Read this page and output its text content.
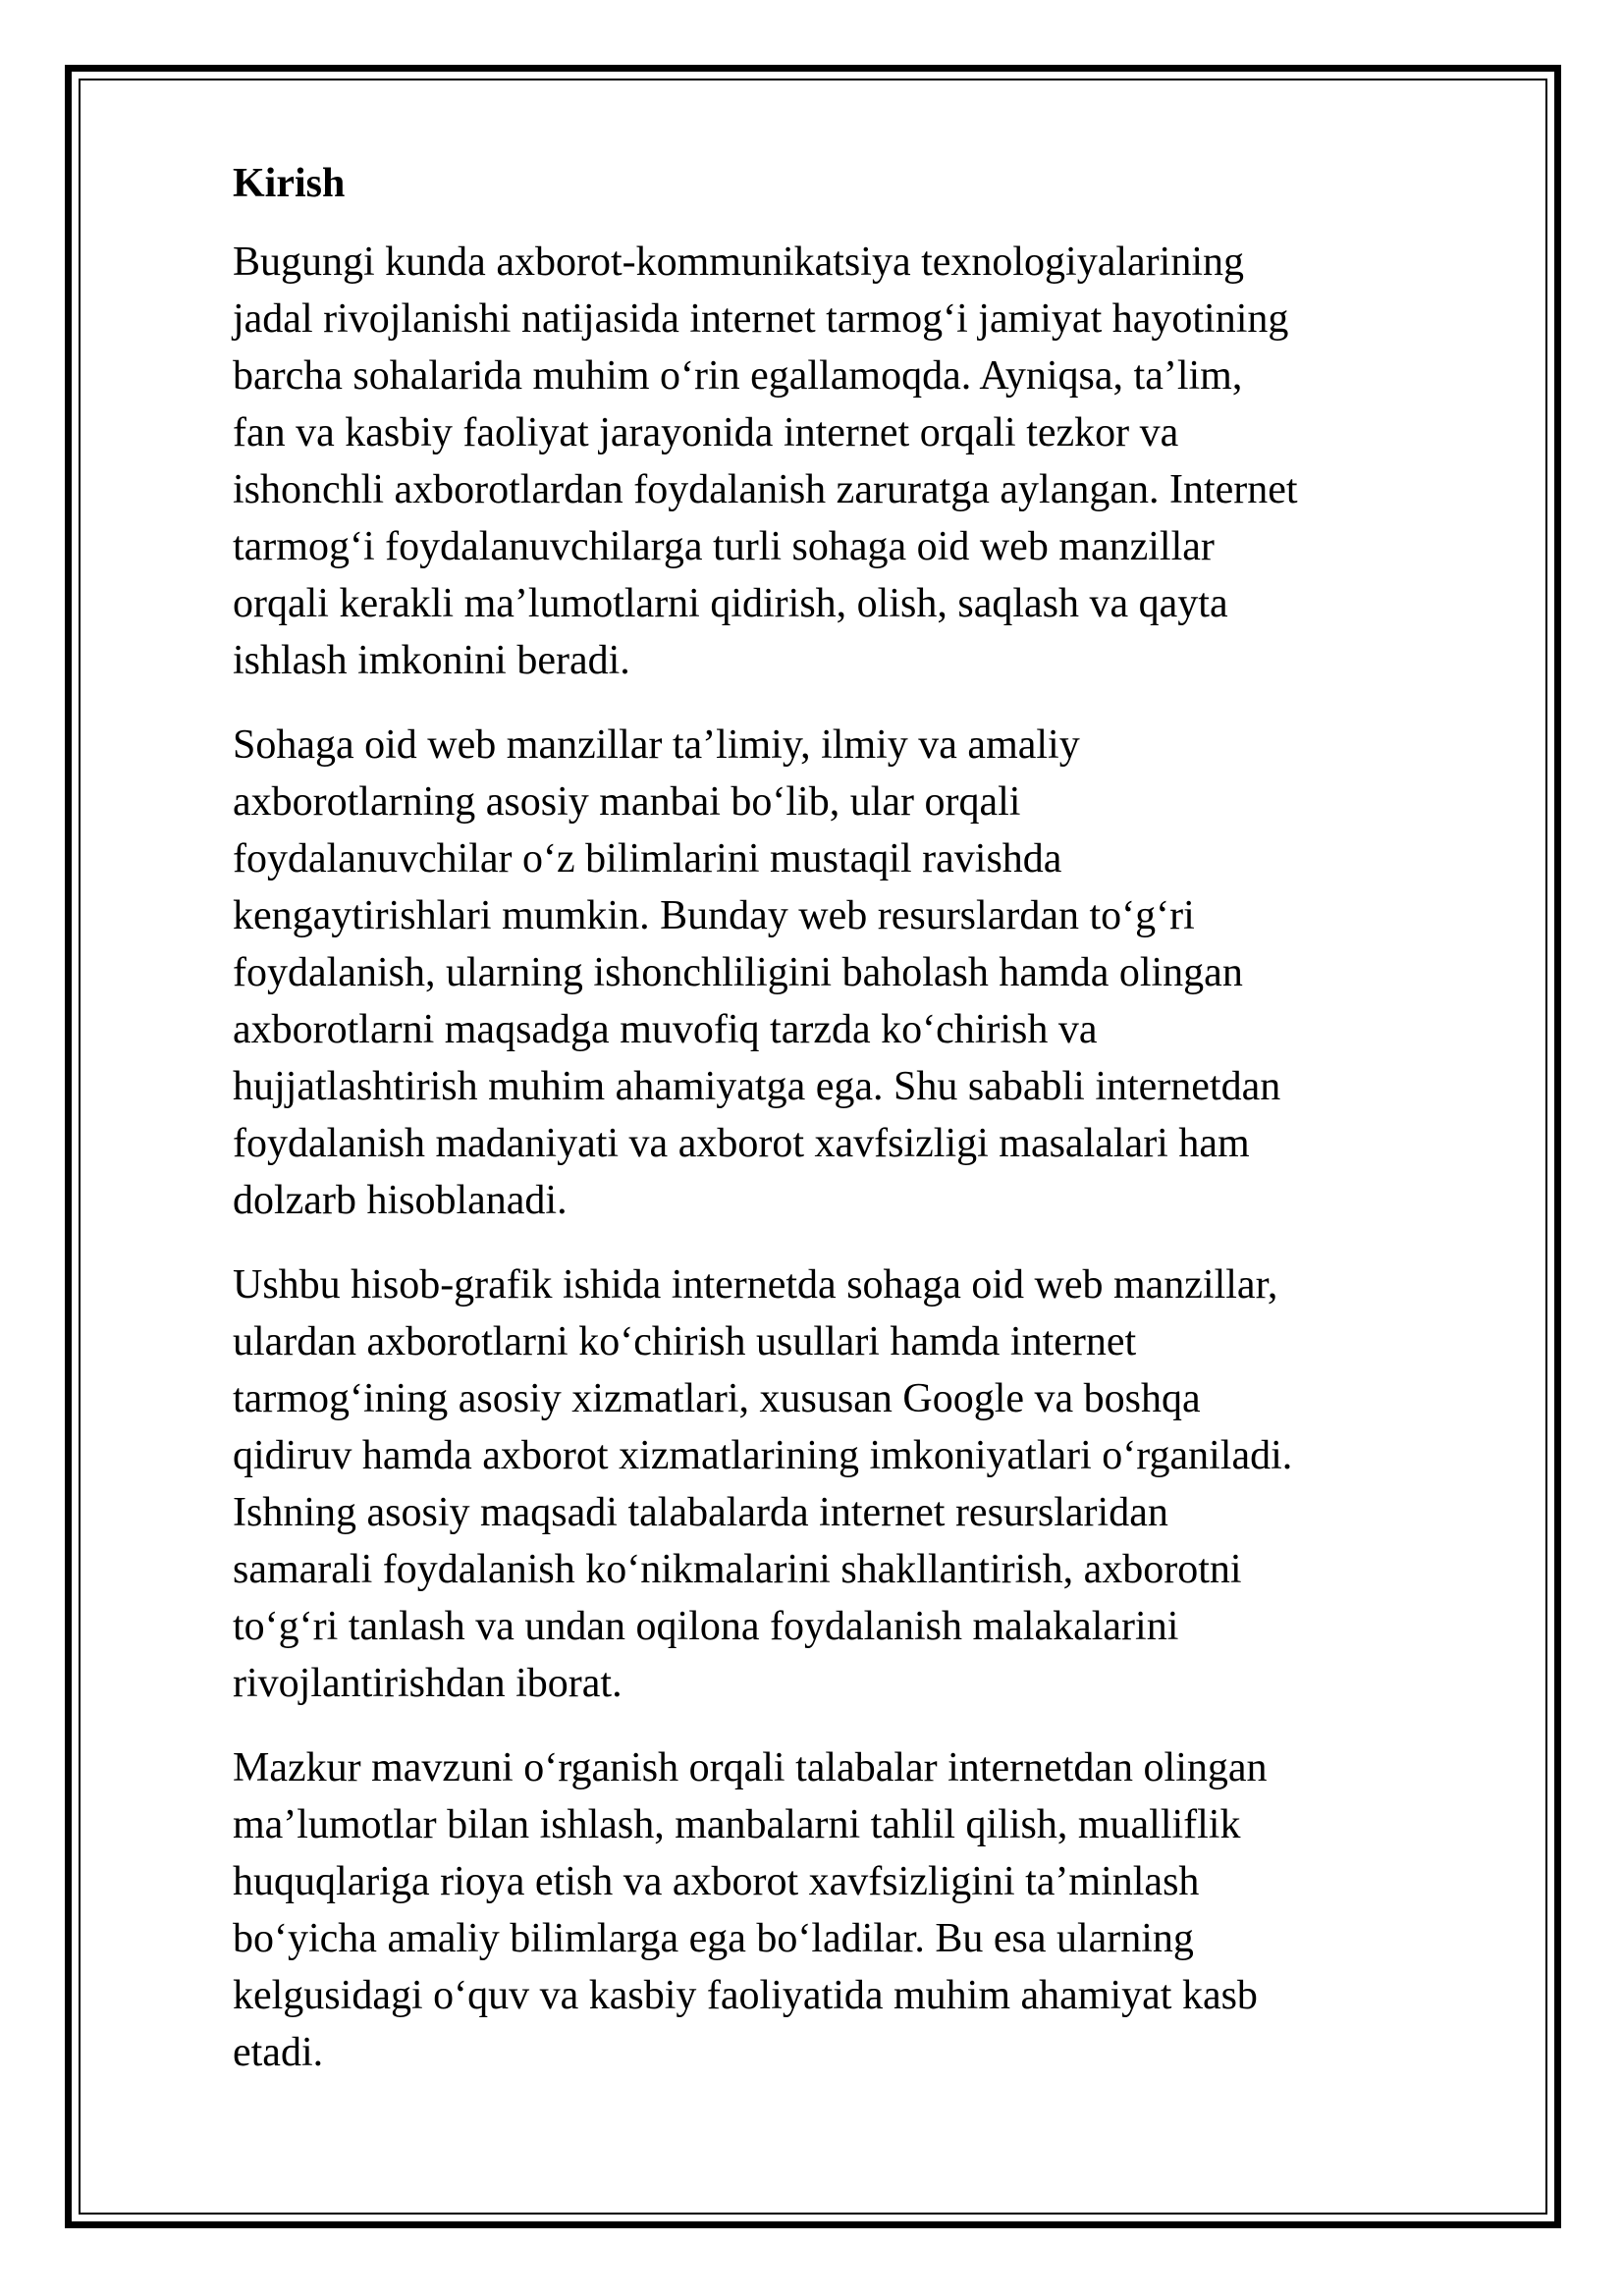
Kirish
Bugungi kunda axborot-kommunikatsiya texnologiyalarining
jadal rivojlanishi natijasida internet tarmog‘i jamiyat hayotining
barcha sohalarida muhim o‘rin egallamoqda. Ayniqsa, ta’lim,
fan va kasbiy faoliyat jarayonida internet orqali tezkor va
ishonchli axborotlardan foydalanish zaruratga aylangan. Internet
tarmog‘i foydalanuvchilarga turli sohaga oid web manzillar
orqali kerakli ma’lumotlarni qidirish, olish, saqlash va qayta
ishlash imkonini beradi.
Sohaga oid web manzillar ta’limiy, ilmiy va amaliy
axborotlarning asosiy manbai bo‘lib, ular orqali
foydalanuvchilar o‘z bilimlarini mustaqil ravishda
kengaytirishlari mumkin. Bunday web resurslardan to‘g‘ri
foydalanish, ularning ishonchliligini baholash hamda olingan
axborotlarni maqsadga muvofiq tarzda ko‘chirish va
hujjatlashtirish muhim ahamiyatga ega. Shu sababli internetdan
foydalanish madaniyati va axborot xavfsizligi masalalari ham
dolzarb hisoblanadi.
Ushbu hisob-grafik ishida internetda sohaga oid web manzillar,
ulardan axborotlarni ko‘chirish usullari hamda internet
tarmog‘ining asosiy xizmatlari, xususan Google va boshqa
qidiruv hamda axborot xizmatlarining imkoniyatlari o‘rganiladi.
Ishning asosiy maqsadi talabalarda internet resurslaridan
samarali foydalanish ko‘nikmalarini shakllantirish, axborotni
to‘g‘ri tanlash va undan oqilona foydalanish malakalarini
rivojlantirishdan iborat.
Mazkur mavzuni o‘rganish orqali talabalar internetdan olingan
ma’lumotlar bilan ishlash, manbalarni tahlil qilish, mualliflik
huquqlariga rioya etish va axborot xavfsizligini ta’minlash
bo‘yicha amaliy bilimlarga ega bo‘ladilar. Bu esa ularning
kelgusidagi o‘quv va kasbiy faoliyatida muhim ahamiyat kasb
etadi.
